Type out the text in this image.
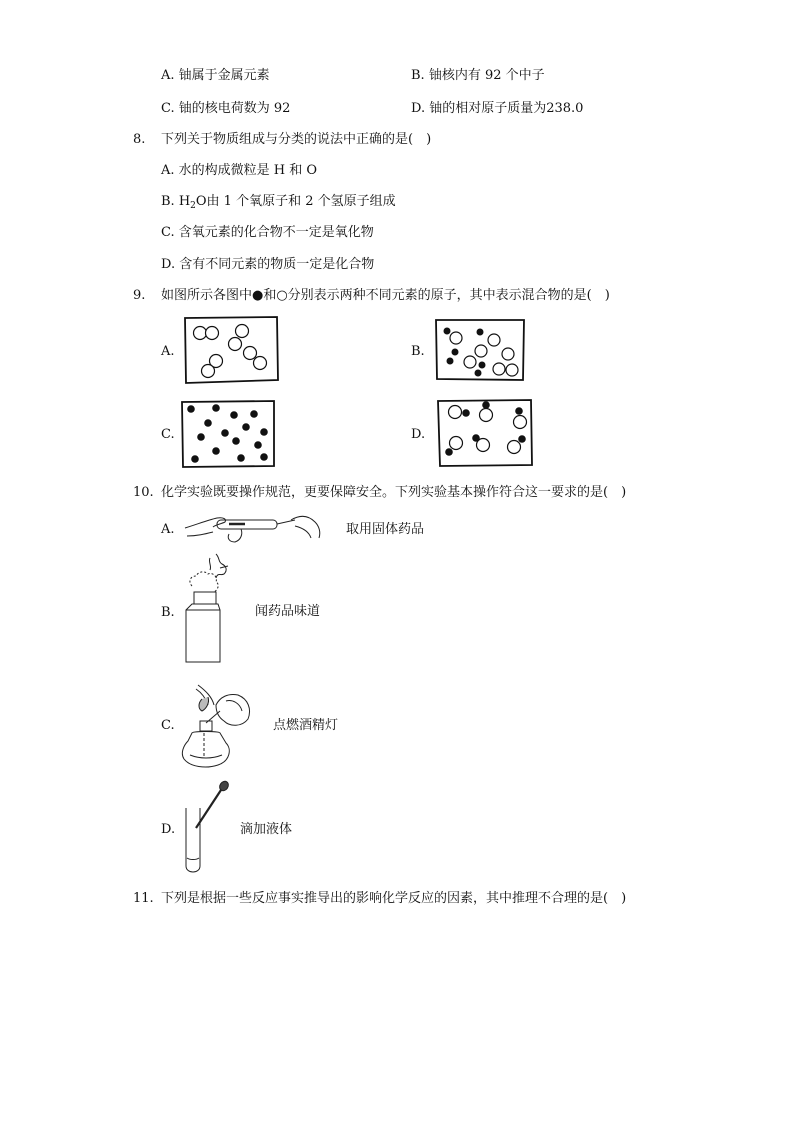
A. 铀属于金属元素	B. 铀核内有 92 个中子
C. 铀的核电荷数为 92	D. 铀的相对原子质量为238.0
8. 下列关于物质组成与分类的说法中正确的是(　)
A. 水的构成微粒是 H 和 O
B. $H_2O$由 1 个氧原子和 2 个氢原子组成
C. 含氧元素的化合物不一定是氧化物
D. 含有不同元素的物质一定是化合物
9. 如图所示各图中●和○分别表示两种不同元素的原子，其中表示混合物的是(　)
A.	B.
C.	D.
10. 化学实验既要操作规范，更要保障安全。下列实验基本操作符合这一要求的是(　)
A.	取用固体药品
B.	闻药品味道
C.	点燃酒精灯
D.	滴加液体
11. 下列是根据一些反应事实推导出的影响化学反应的因素，其中推理不合理的是(　)
